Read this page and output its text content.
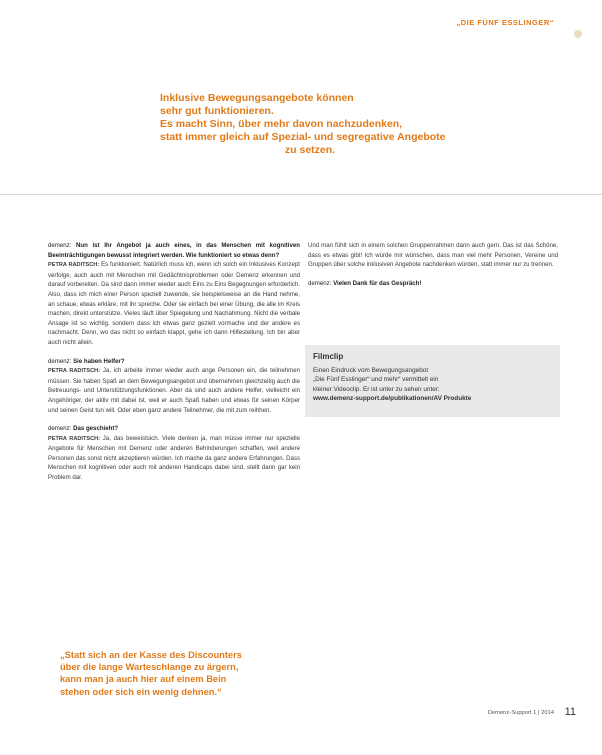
„DIE FÜNF ESSLINGER“
Inklusive Bewegungsangebote können
sehr gut funktionieren.
Es macht Sinn, über mehr davon nachzudenken,
statt immer gleich auf Spezial- und segregative Angebote
zu setzen.

demenz: Nun ist Ihr Angebot ja auch eines, in das Menschen mit kognitiven Beeinträchtigungen bewusst integriert werden. Wie funktioniert so etwas denn?

PETRA RADITSCH: Es funktioniert. Natürlich muss ich, wenn ich solch ein Inklusives Konzept verfolge, auch auch mit Menschen mit Gedächtnisproblemen oder Demenz erkennen und darauf vorbereiten. Da sind dann immer wieder auch Eins zu Eins Begegnungen erforderlich. Also, dass ich mich einer Person speziell zuwende, sie beispielsweise an die Hand nehme, an schaue, etwas erkläre, mit ihr spreche. Oder sie einfach bei einer Übung, die alle im Kreis machen, direkt unterstütze. Vieles läuft über Spiegelung und Nachahmung. Nicht die verbale Ansage ist so wichtig, sondern dass ich etwas ganz gezielt vormache und der andere es nachmacht. Denn, wo das nicht so einfach klappt, gehe ich dann Hilfestellung. Ich bin aber auch nicht allein.

demenz: Sie haben Helfer?

PETRA RADITSCH: Ja, ich arbeite immer wieder auch ange Personen ein, die teilnehmen müssen. Sie haben Spaß an dem Bewegungsangebot und übernehmen gleichzeitig auch die Betreuungs- und Unterstützungsfunktionen. Aber da sind auch andere Helfer, vielleicht ein Angehöriger, der aktiv mit dabei ist, weil er auch Spaß haben und etwas für seinen Körper und seinen Geist tun will. Oder eben ganz andere Teilnehmer, die mit zum reihhen.

demenz: Das geschieht?

PETRA RADITSCH: Ja, das beweistsich. Viele denken ja, man müsse immer nur spezielle Angebote für Menschen mit Demenz oder anderen Behinderungen schaffen, weil andere Personen das sonst nicht akzeptieren würden. Ich mache da ganz andere Erfahrungen. Dass Menschen mit kognitiven oder auch mit anderen Handicaps dabei sind, stellt dann gar kein Problem dar.

Und man fühlt sich in einem solchen Gruppenrahmen dann auch gern. Das ist das Schöne, dass es etwas gibt! Ich würde mir wünschen, dass man viel mehr Personen, Vereine und Gruppen über solche inklusiven Angebote nachdenken würden, statt immer nur zu trennen.

demenz: Vielen Dank für das Gespräch!

Filmclip
Einen Eindruck vom Bewegungsangebot
„Die Fünf Esslinger“ und mehr“ vermittelt ein
kleiner Videoclip. Er ist unter zu sehen unter:
www.demenz-support.de/publikationen/AV Produkte
„Statt sich an der Kasse des Discounters
über die lange Warteschlange zu ärgern,
kann man ja auch hier auf einem Bein
stehen oder sich ein wenig dehnen.“
Demenz-Support 1 | 2014 11
